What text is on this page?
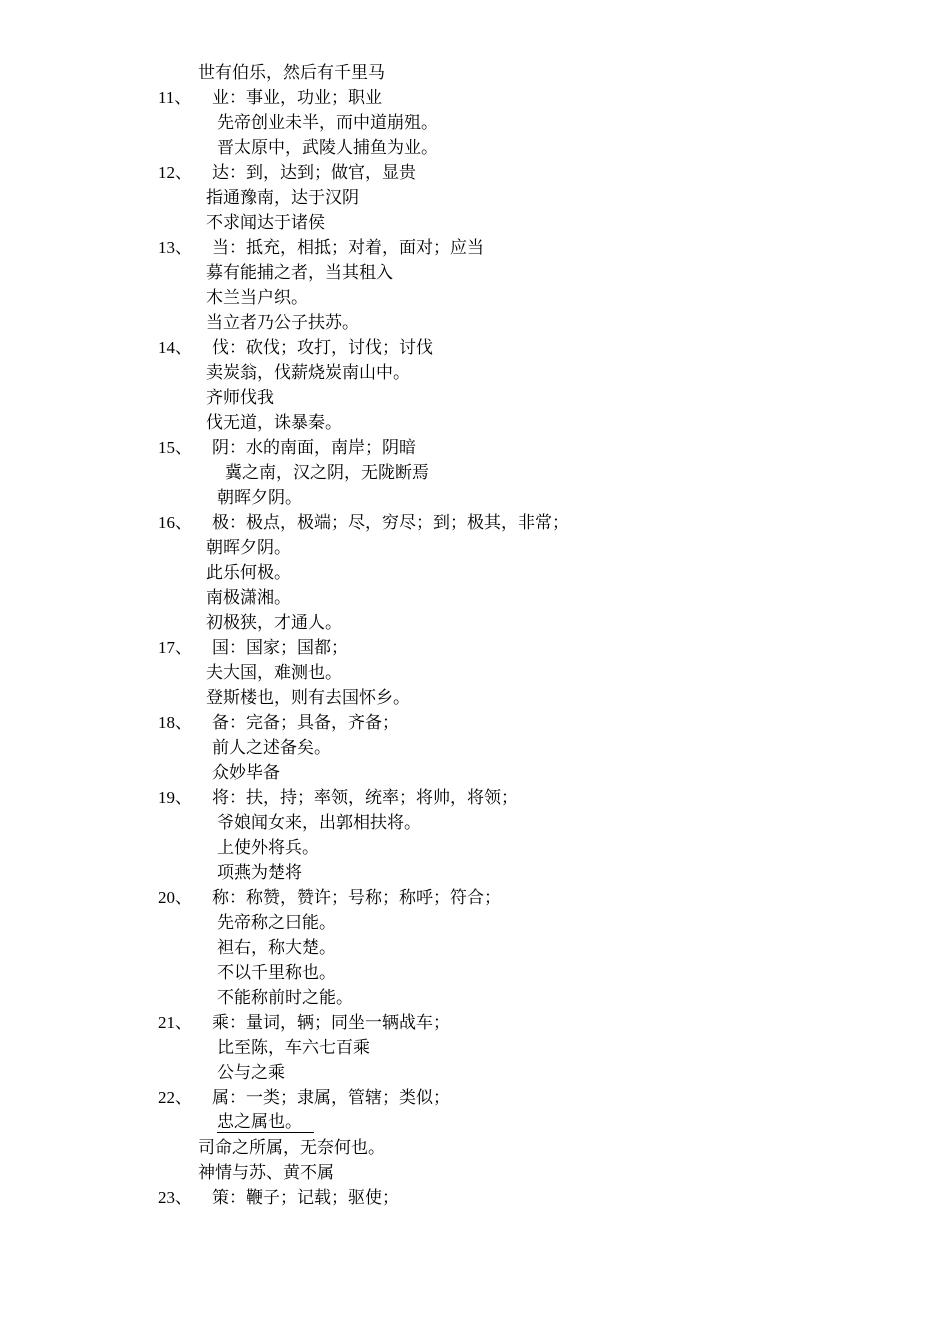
世有伯乐，然后有千里马
11、 业：事业，功业；职业
先帝创业未半，而中道崩殂。
晋太原中，武陵人捕鱼为业。
12、 达：到，达到；做官，显贵
指通豫南，达于汉阴
不求闻达于诸侯
13、 当：抵充，相抵；对着，面对；应当
募有能捕之者，当其租入
木兰当户织。
当立者乃公子扶苏。
14、 伐：砍伐；攻打，讨伐；讨伐
卖炭翁，伐薪烧炭南山中。
齐师伐我
伐无道，诛暴秦。
15、 阴：水的南面，南岸；阴暗
冀之南，汉之阴，无陇断焉
朝晖夕阴。
16、 极：极点，极端；尽，穷尽；到；极其，非常；
朝晖夕阴。
此乐何极。
南极潇湘。
初极狭，才通人。
17、 国：国家；国都；
夫大国，难测也。
登斯楼也，则有去国怀乡。
18、 备：完备；具备，齐备；
前人之述备矣。
众妙毕备
19、 将：扶，持；率领，统率；将帅，将领；
爷娘闻女来，出郭相扶将。
上使外将兵。
项燕为楚将
20、 称：称赞，赞许；号称；称呼；符合；
先帝称之曰能。
袒右，称大楚。
不以千里称也。
不能称前时之能。
21、 乘：量词，辆；同坐一辆战车；
比至陈，车六七百乘
公与之乘
22、 属：一类；隶属，管辖；类似；
忠之属也。
司命之所属，无奈何也。
神情与苏、黄不属
23、 策：鞭子；记载；驱使；
